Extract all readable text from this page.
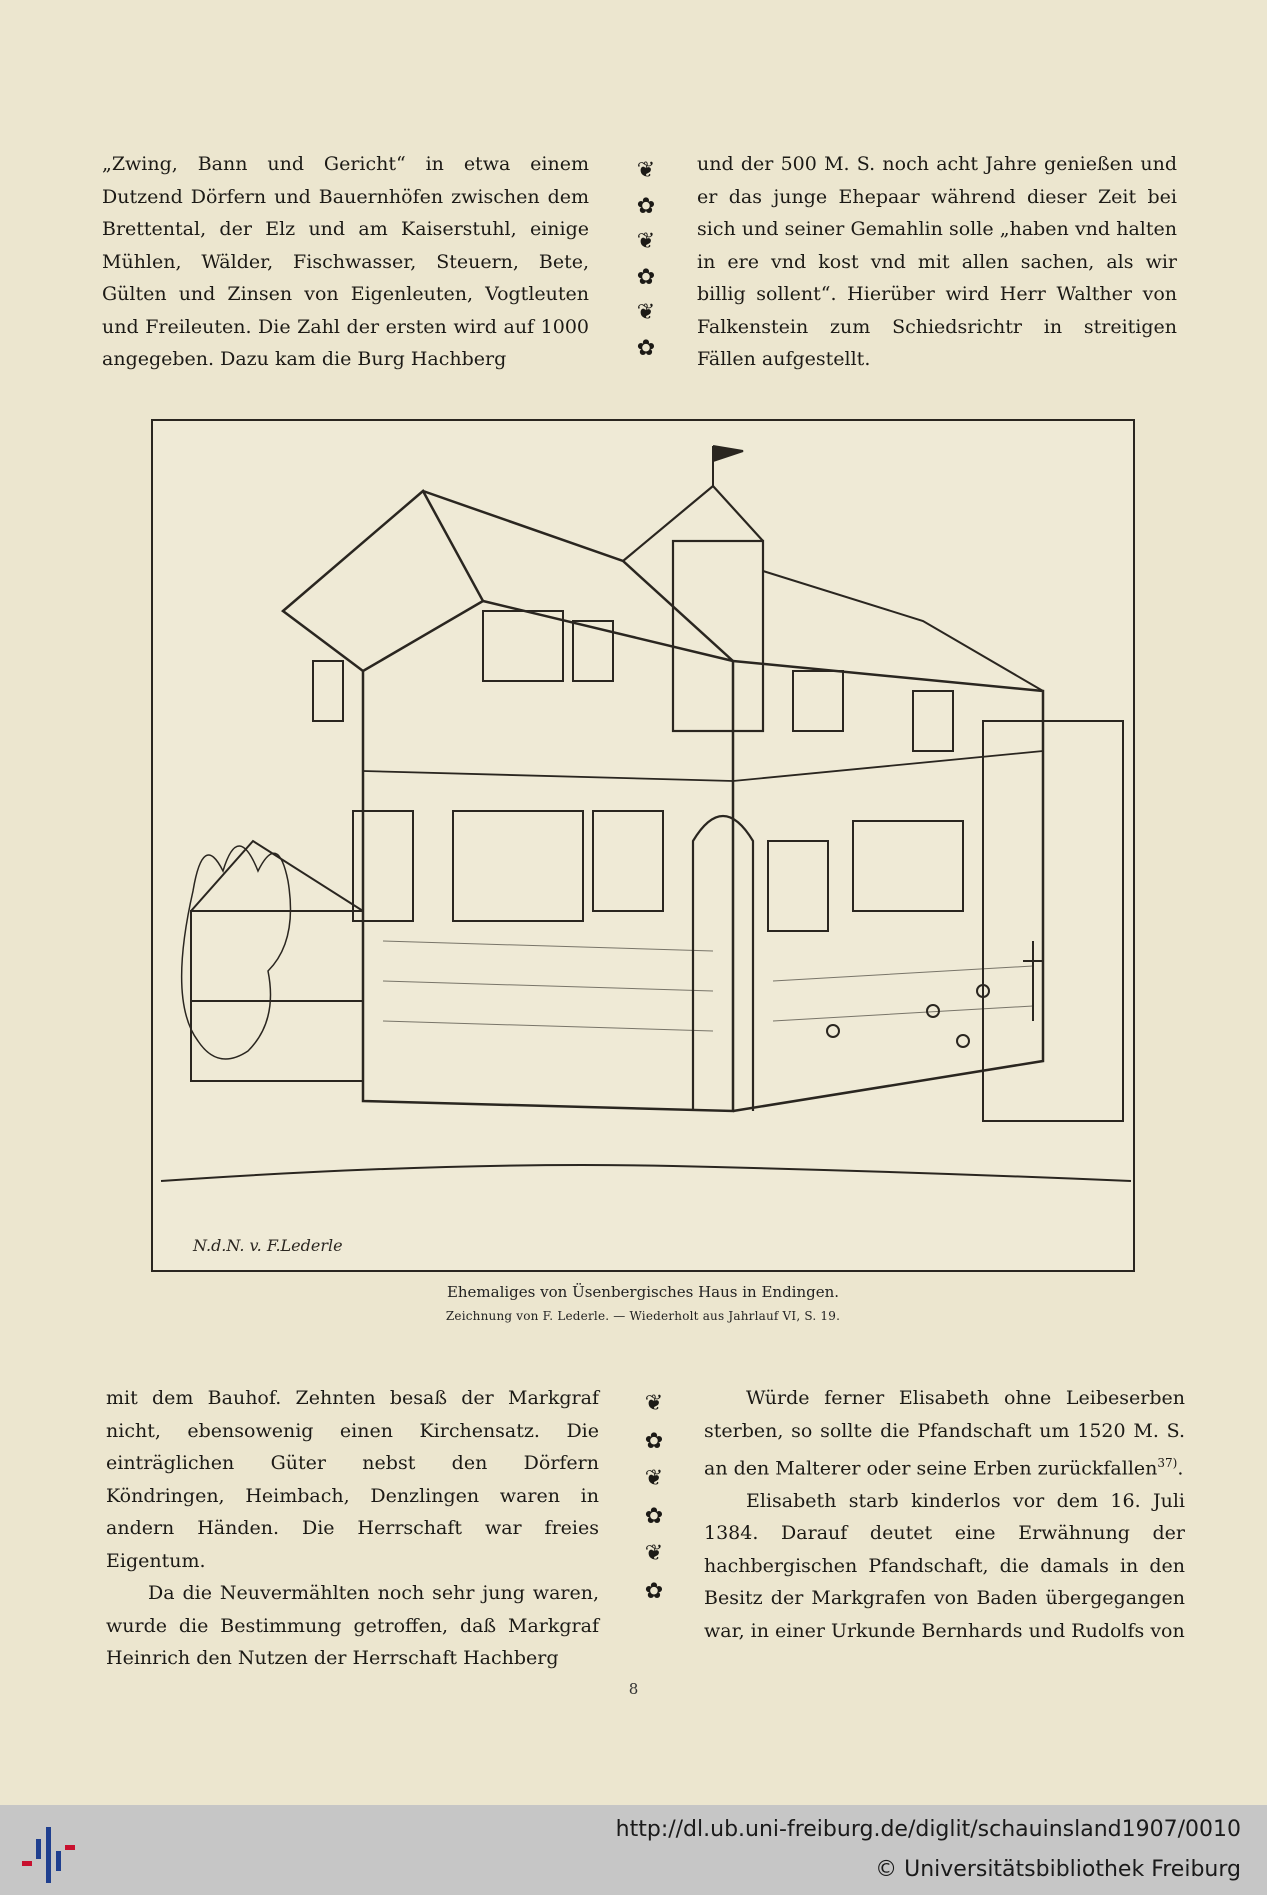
„Zwing, Bann und Gericht“ in etwa einem Dutzend Dörfern und Bauernhöfen zwischen dem Brettental, der Elz und am Kaiserstuhl, einige Mühlen, Wälder, Fischwasser, Steuern, Bete, Gülten und Zinsen von Eigenleuten, Vogtleuten und Freileuten. Die Zahl der ersten wird auf 1000 angegeben. Dazu kam die Burg Hachberg

❦
✿
❦
✿
❦
✿

und der 500 M. S. noch acht Jahre genießen und er das junge Ehepaar während dieser Zeit bei sich und seiner Gemahlin solle „haben vnd halten in ere vnd kost vnd mit allen sachen, als wir billig sollent“. Hierüber wird Herr Walther von Falkenstein zum Schiedsrichtr in streitigen Fällen aufgestellt.

N.d.N. v. F.Lederle
Ehemaliges von Üsenbergisches Haus in Endingen.
Zeichnung von F. Lederle. — Wiederholt aus Jahrlauf VI, S. 19.

mit dem Bauhof. Zehnten besaß der Markgraf nicht, ebensowenig einen Kirchensatz. Die einträglichen Güter nebst den Dörfern Köndringen, Heimbach, Denzlingen waren in andern Händen. Die Herrschaft war freies Eigentum.

Da die Neuvermählten noch sehr jung waren, wurde die Bestimmung getroffen, daß Markgraf Heinrich den Nutzen der Herrschaft Hachberg

❦
✿
❦
✿
❦
✿

Würde ferner Elisabeth ohne Leibeserben sterben, so sollte die Pfandschaft um 1520 M. S. an den Malterer oder seine Erben zurückfallen$^{37)}$.

Elisabeth starb kinderlos vor dem 16. Juli 1384. Darauf deutet eine Erwähnung der hachbergischen Pfandschaft, die damals in den Besitz der Markgrafen von Baden übergegangen war, in einer Urkunde Bernhards und Rudolfs von

8
http://dl.ub.uni-freiburg.de/diglit/schauinsland1907/0010
© Universitätsbibliothek Freiburg
